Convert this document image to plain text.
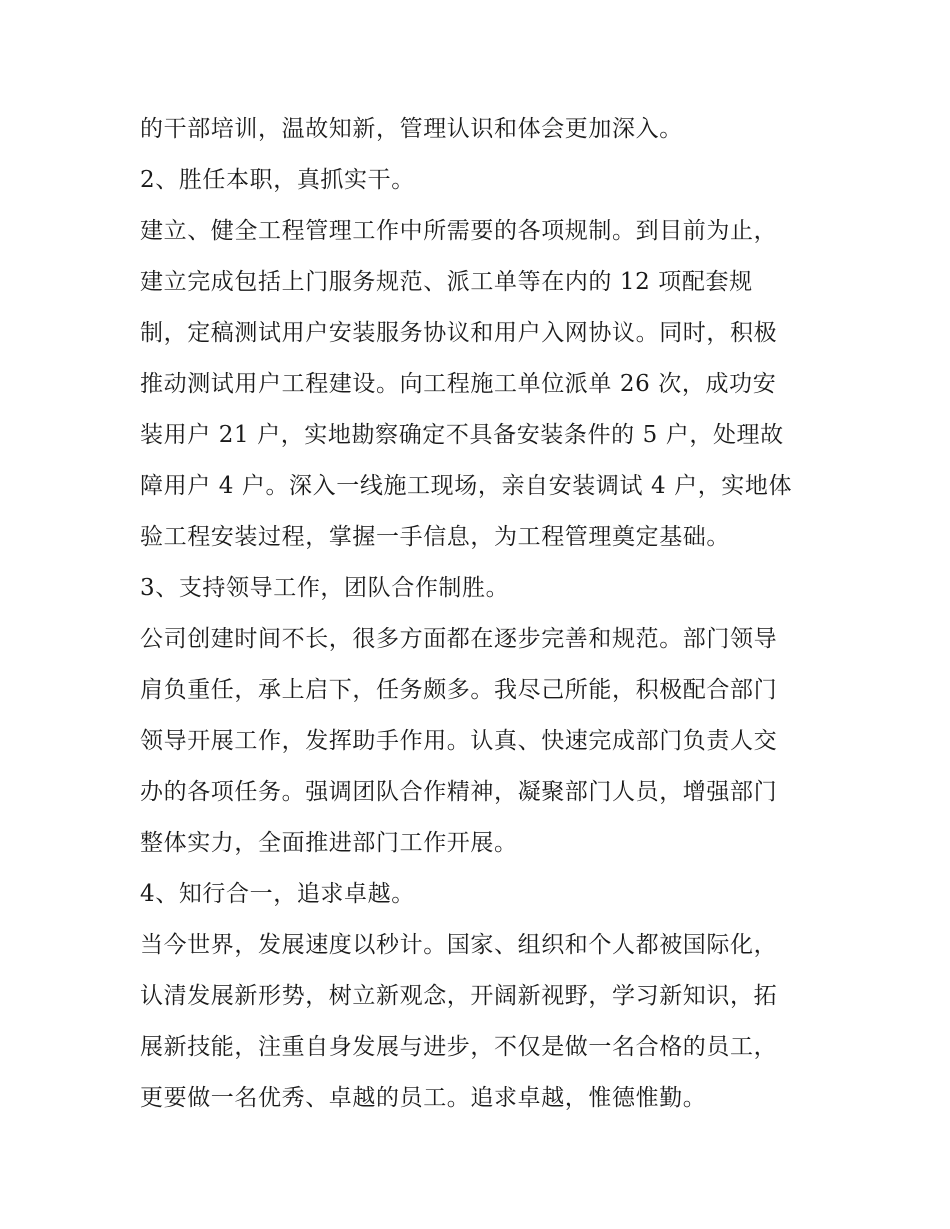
的干部培训，温故知新，管理认识和体会更加深入。
2、胜任本职，真抓实干。
建立、健全工程管理工作中所需要的各项规制。到目前为止，
建立完成包括上门服务规范、派工单等在内的 12 项配套规
制，定稿测试用户安装服务协议和用户入网协议。同时，积极
推动测试用户工程建设。向工程施工单位派单 26 次，成功安
装用户 21 户，实地勘察确定不具备安装条件的 5 户，处理故
障用户 4 户。深入一线施工现场，亲自安装调试 4 户，实地体
验工程安装过程，掌握一手信息，为工程管理奠定基础。
3、支持领导工作，团队合作制胜。
公司创建时间不长，很多方面都在逐步完善和规范。部门领导
肩负重任，承上启下，任务颇多。我尽己所能，积极配合部门
领导开展工作，发挥助手作用。认真、快速完成部门负责人交
办的各项任务。强调团队合作精神，凝聚部门人员，增强部门
整体实力，全面推进部门工作开展。
4、知行合一，追求卓越。
当今世界，发展速度以秒计。国家、组织和个人都被国际化，
认清发展新形势，树立新观念，开阔新视野，学习新知识，拓
展新技能，注重自身发展与进步，不仅是做一名合格的员工，
更要做一名优秀、卓越的员工。追求卓越，惟德惟勤。
